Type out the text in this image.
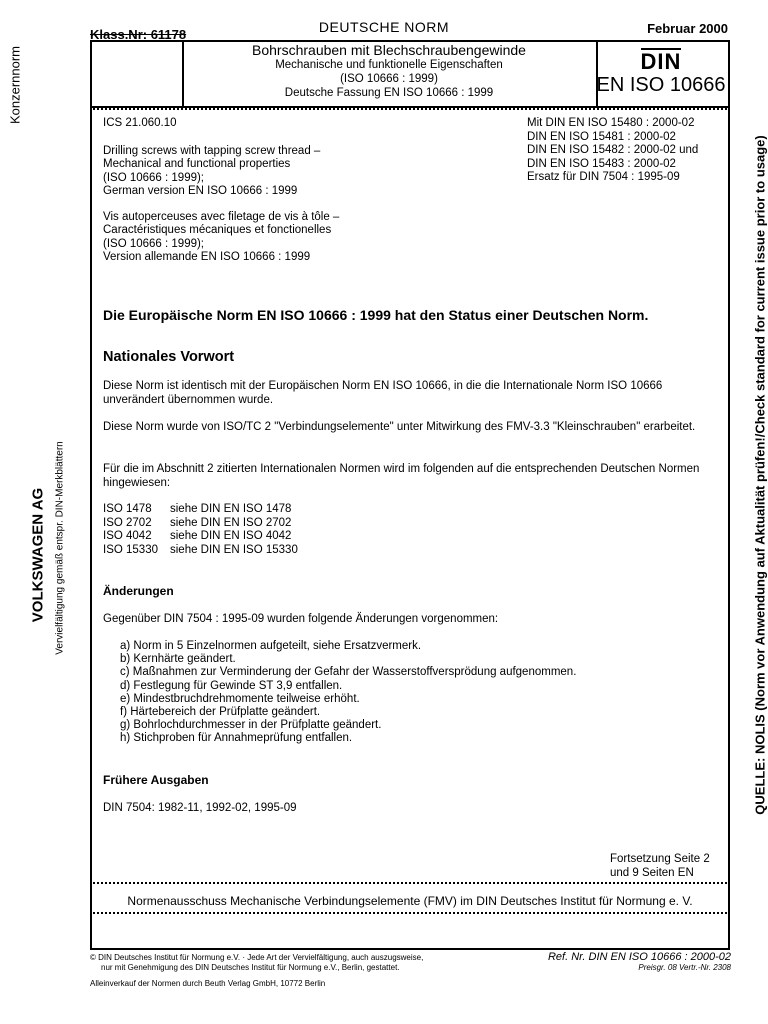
Konzernnorm
VOLKSWAGEN AG Vervielfältigung gemäß entspr. DIN-Merkblättern	QUELLE: NOLIS (Norm vor Anwendung auf Aktualität prüfen!/Check standard for current issue prior to usage)
DEUTSCHE NORM
Klass.Nr: 61178	Februar 2000
Bohrschrauben mit Blechschraubengewinde
Mechanische und funktionelle Eigenschaften
(ISO 10666 : 1999)
Deutsche Fassung EN ISO 10666 : 1999
DIN
EN ISO 10666
ICS 21.060.10
Drilling screws with tapping screw thread –
Mechanical and functional properties
(ISO 10666 : 1999);
German version EN ISO 10666 : 1999
Vis autoperceuses avec filetage de vis à tôle –
Caractéristiques mécaniques et fonctionelles
(ISO 10666 : 1999);
Version allemande EN ISO 10666 : 1999
Mit DIN EN ISO 15480 : 2000-02
DIN EN ISO 15481 : 2000-02
DIN EN ISO 15482 : 2000-02 und
DIN EN ISO 15483 : 2000-02
Ersatz für DIN 7504 : 1995-09
Die Europäische Norm EN ISO 10666 : 1999 hat den Status einer Deutschen Norm.
Nationales Vorwort
Diese Norm ist identisch mit der Europäischen Norm EN ISO 10666, in die die Internationale Norm ISO 10666 unverändert übernommen wurde.
Diese Norm wurde von ISO/TC 2 "Verbindungselemente" unter Mitwirkung des FMV-3.3 "Kleinschrauben" erarbeitet.
Für die im Abschnitt 2 zitierten Internationalen Normen wird im folgenden auf die entsprechenden Deutschen Normen hingewiesen:
ISO 1478	siehe DIN EN ISO 1478
ISO 2702	siehe DIN EN ISO 2702
ISO 4042	siehe DIN EN ISO 4042
ISO 15330	siehe DIN EN ISO 15330
Änderungen
Gegenüber DIN 7504 : 1995-09 wurden folgende Änderungen vorgenommen:
a) Norm in 5 Einzelnormen aufgeteilt, siehe Ersatzvermerk.
b) Kernhärte geändert.
c) Maßnahmen zur Verminderung der Gefahr der Wasserstoffversprödung aufgenommen.
d) Festlegung für Gewinde ST 3,9 entfallen.
e) Mindestbruchdrehmomente teilweise erhöht.
f) Härtebereich der Prüfplatte geändert.
g) Bohrlochdurchmesser in der Prüfplatte geändert.
h) Stichproben für Annahmeprüfung entfallen.
Frühere Ausgaben
DIN 7504: 1982-11, 1992-02, 1995-09
Fortsetzung Seite 2
und 9 Seiten EN
Normenausschuss Mechanische Verbindungselemente (FMV) im DIN Deutsches Institut für Normung e. V.
© DIN Deutsches Institut für Normung e.V. · Jede Art der Vervielfältigung, auch auszugsweise,
nur mit Genehmigung des DIN Deutsches Institut für Normung e.V., Berlin, gestattet.
Ref. Nr. DIN EN ISO 10666 : 2000-02
Preisgr. 08 Vertr.-Nr. 2308
Alleinverkauf der Normen durch Beuth Verlag GmbH, 10772 Berlin
